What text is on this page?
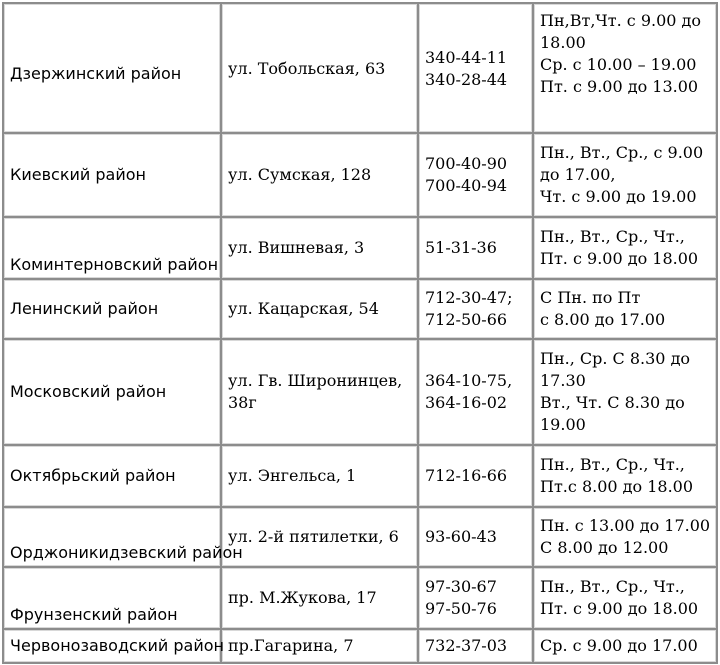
Дзержинский район	ул. Тобольская, 63	340-44-11
340-28-44	Пн,Вт,Чт. с 9.00 до
18.00
Ср. с 10.00 – 19.00
Пт. с 9.00 до 13.00

Киевский район	ул. Сумская, 128	700-40-90
700-40-94	Пн., Вт., Ср., с 9.00
до 17.00,
Чт. с 9.00 до 19.00

Коминтерновский район	ул. Вишневая, 3	51-31-36	Пн., Вт., Ср., Чт.,
Пт. с 9.00 до 18.00

Ленинский район	ул. Кацарская, 54	712-30-47;
712-50-66	С Пн. по Пт
с 8.00 до 17.00

Московский район	ул. Гв. Широнинцев, 38г	364-10-75,
364-16-02	Пн., Ср. С 8.30 до
17.30
Вт., Чт. С 8.30 до
19.00

Октябрьский район	ул. Энгельса, 1	712-16-66	Пн., Вт., Ср., Чт.,
Пт.с 8.00 до 18.00

Орджоникидзевский район	ул. 2-й пятилетки, 6	93-60-43	Пн. с 13.00 до 17.00
С 8.00 до 12.00

Фрунзенский район	пр. М.Жукова, 17	97-30-67
97-50-76	Пн., Вт., Ср., Чт.,
Пт. с 9.00 до 18.00

Червонозаводский район	пр.Гагарина, 7	732-37-03	Ср. с 9.00 до 17.00
